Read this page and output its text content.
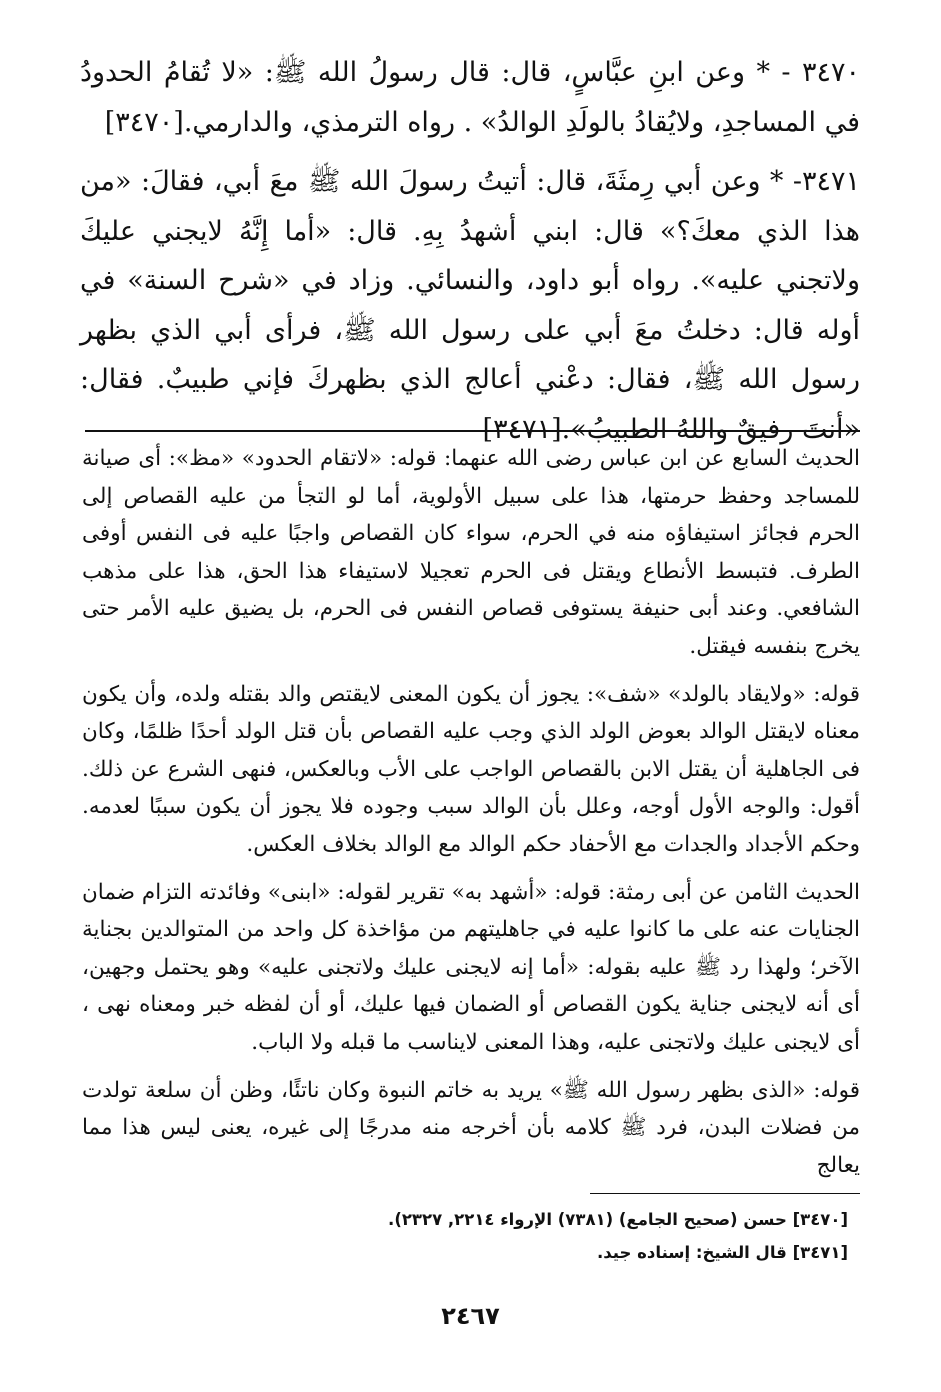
٣٤٧٠ - * وعن ابنِ عبَّاسٍ، قال: قال رسولُ الله ﷺ: «لا تُقامُ الحدودُ في المساجدِ، ولايُقادُ بالولَدِ الوالدُ» . رواه الترمذي، والدارمي.[٣٤٧٠]

٣٤٧١- * وعن أبي رِمثَةَ، قال: أتيتُ رسولَ الله ﷺ معَ أبي، فقالَ: «من هذا الذي معكَ؟» قال: ابني أشهدُ بِهِ. قال: «أما إِنَّهُ لايجني عليكَ ولاتجني عليه». رواه أبو داود، والنسائي. وزاد في «شرح السنة» في أوله قال: دخلتُ معَ أبي على رسول الله ﷺ، فرأى أبي الذي بظهر رسول الله ﷺ، فقال: دعْني أعالج الذي بظهركَ فإني طبيبٌ. فقال: «أنتَ رفيقٌ واللهُ الطبيبُ».[٣٤٧١]

الحديث السابع عن ابن عباس رضى الله عنهما: قوله: «لاتقام الحدود» «مظ»: أى صيانة للمساجد وحفظ حرمتها، هذا على سبيل الأولوية، أما لو التجأ من عليه القصاص إلى الحرم فجائز استيفاؤه منه في الحرم، سواء كان القصاص واجبًا عليه فى النفس أوفى الطرف. فتبسط الأنطاع ويقتل فى الحرم تعجيلا لاستيفاء هذا الحق، هذا على مذهب الشافعي. وعند أبى حنيفة يستوفى قصاص النفس فى الحرم، بل يضيق عليه الأمر حتى يخرج بنفسه فيقتل.

قوله: «ولايقاد بالولد» «شف»: يجوز أن يكون المعنى لايقتص والد بقتله ولده، وأن يكون معناه لايقتل الوالد بعوض الولد الذي وجب عليه القصاص بأن قتل الولد أحدًا ظلمًا، وكان فى الجاهلية أن يقتل الابن بالقصاص الواجب على الأب وبالعكس، فنهى الشرع عن ذلك. أقول: والوجه الأول أوجه، وعلل بأن الوالد سبب وجوده فلا يجوز أن يكون سببًا لعدمه. وحكم الأجداد والجدات مع الأحفاد حكم الوالد مع الوالد بخلاف العكس.

الحديث الثامن عن أبى رمثة: قوله: «أشهد به» تقرير لقوله: «ابنى» وفائدته التزام ضمان الجنايات عنه على ما كانوا عليه في جاهليتهم من مؤاخذة كل واحد من المتوالدين بجناية الآخر؛ ولهذا رد ﷺ عليه بقوله: «أما إنه لايجنى عليك ولاتجنى عليه» وهو يحتمل وجهين، أى أنه لايجنى جناية يكون القصاص أو الضمان فيها عليك، أو أن لفظه خبر ومعناه نهى ، أى لايجنى عليك ولاتجنى عليه، وهذا المعنى لايناسب ما قبله ولا الباب.

قوله: «الذى بظهر رسول الله ﷺ» يريد به خاتم النبوة وكان ناتئًا، وظن أن سلعة تولدت من فضلات البدن، فرد ﷺ كلامه بأن أخرجه منه مدرجًا إلى غيره، يعنى ليس هذا مما يعالج

[٣٤٧٠] حسن (صحيح الجامع) (٧٣٨١) الإرواء ٢٢١٤, ٢٣٢٧).
[٣٤٧١] قال الشيخ: إسناده جيد.
٢٤٦٧
